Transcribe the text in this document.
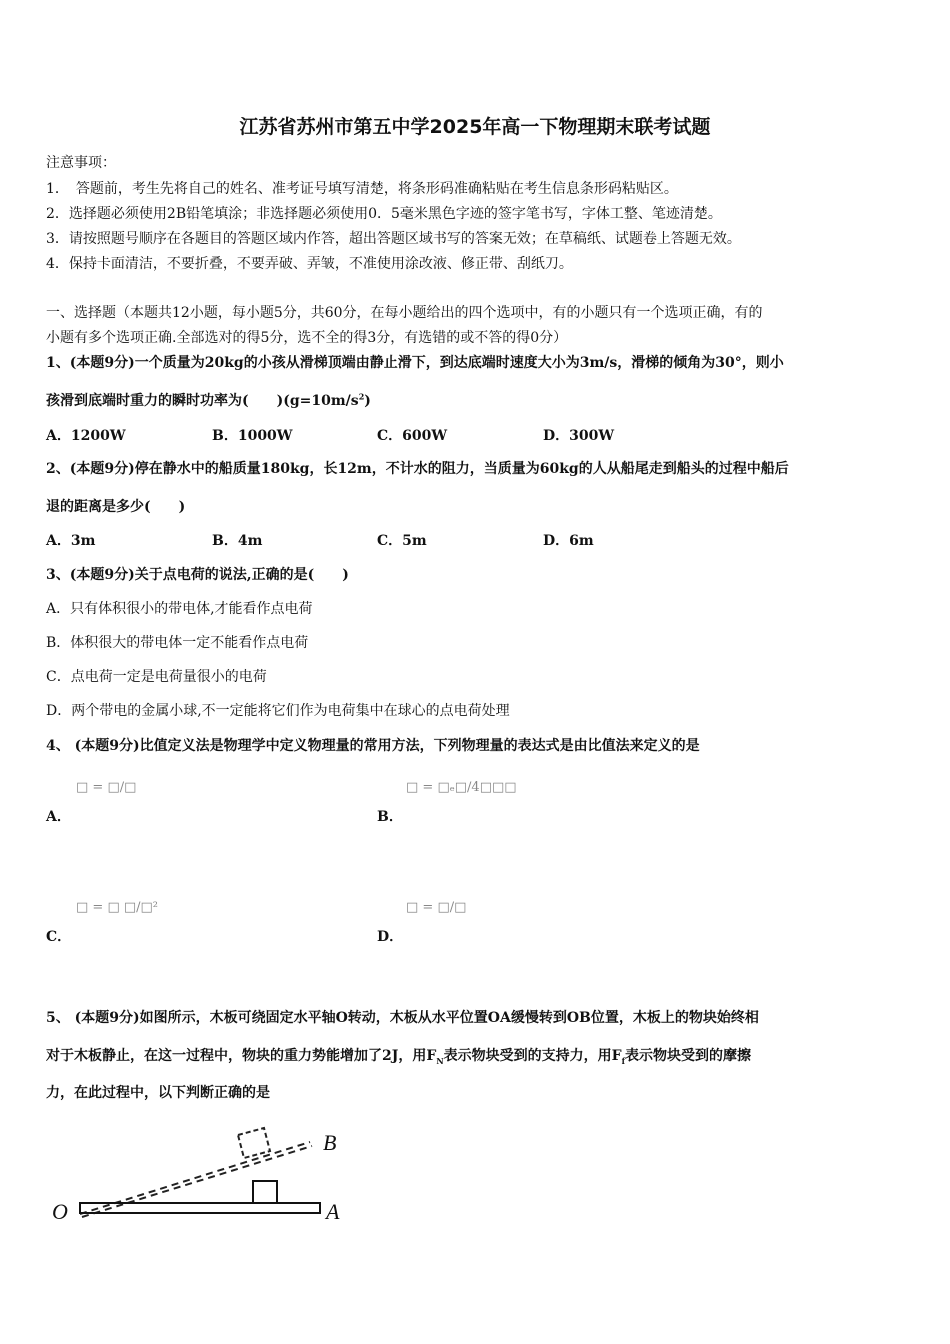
江苏省苏州市第五中学2025年高一下物理期末联考试题
注意事项：
1．　答题前，考生先将自己的姓名、准考证号填写清楚，将条形码准确粘贴在考生信息条形码粘贴区。
2．选择题必须使用2B铅笔填涂；非选择题必须使用0．5毫米黑色字迹的签字笔书写，字体工整、笔迹清楚。
3．请按照题号顺序在各题目的答题区域内作答，超出答题区域书写的答案无效；在草稿纸、试题卷上答题无效。
4．保持卡面清洁，不要折叠，不要弄破、弄皱，不准使用涂改液、修正带、刮纸刀。
一、选择题（本题共12小题，每小题5分，共60分，在每小题给出的四个选项中，有的小题只有一个选项正确，有的
小题有多个选项正确.全部选对的得5分，选不全的得3分，有选错的或不答的得0分）
1、(本题9分)一个质量为20kg的小孩从滑梯顶端由静止滑下，到达底端时速度大小为3m/s，滑梯的倾角为30°，则小
孩滑到底端时重力的瞬时功率为(　　)$(g=10m/s^2)$
A．1200W	B．1000W	C．600W	D．300W
2、(本题9分)停在静水中的船质量180kg，长12m，不计水的阻力，当质量为60kg的人从船尾走到船头的过程中船后
退的距离是多少(　　)
A．3m	B．4m	C．5m	D．6m
3、(本题9分)关于点电荷的说法,正确的是(　　)
A．只有体积很小的带电体,才能看作点电荷
B．体积很大的带电体一定不能看作点电荷
C．点电荷一定是电荷量很小的电荷
D．两个带电的金属小球,不一定能将它们作为电荷集中在球心的点电荷处理
4、 (本题9分)比值定义法是物理学中定义物理量的常用方法，下列物理量的表达式是由比值法来定义的是
□ = □/□	□ = □ₑ□/4□□□
A．	B．
□ = □ □/□²	□ = □/□
C．	D．
5、 (本题9分)如图所示，木板可绕固定水平轴O转动，木板从水平位置OA缓慢转到OB位置，木板上的物块始终相
对于木板静止，在这一过程中，物块的重力势能增加了2J，用$F_N$表示物块受到的支持力，用$F_f$表示物块受到的摩擦
力，在此过程中，以下判断正确的是
O	A
B
